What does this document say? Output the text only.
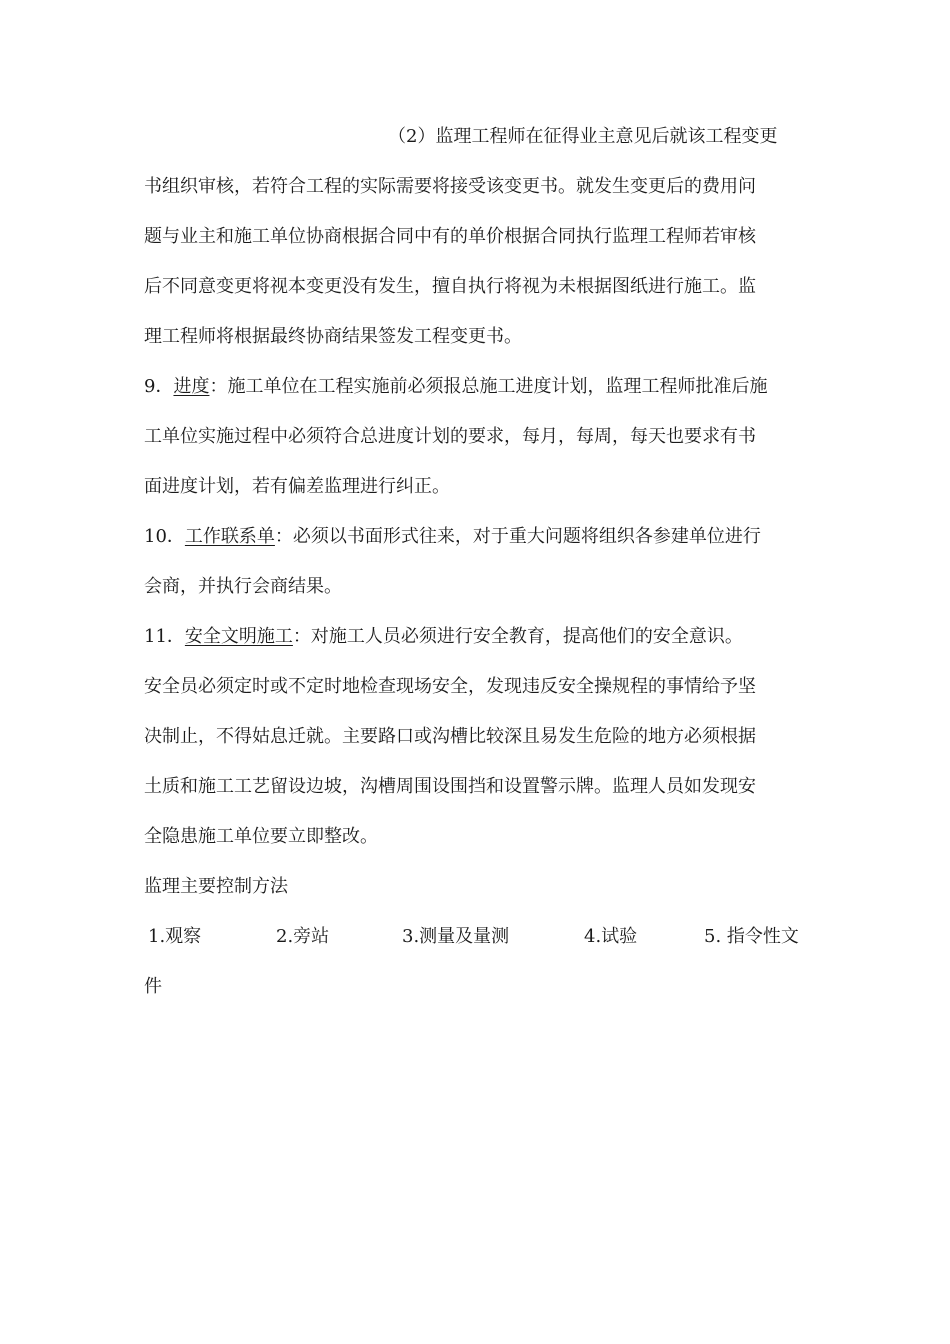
（2）监理工程师在征得业主意见后就该工程变更
书组织审核，若符合工程的实际需要将接受该变更书。就发生变更后的费用问
题与业主和施工单位协商根据合同中有的单价根据合同执行监理工程师若审核
后不同意变更将视本变更没有发生，擅自执行将视为未根据图纸进行施工。监
理工程师将根据最终协商结果签发工程变更书。
9．进度：施工单位在工程实施前必须报总施工进度计划，监理工程师批准后施
工单位实施过程中必须符合总进度计划的要求，每月，每周，每天也要求有书
面进度计划，若有偏差监理进行纠正。
10．工作联系单：必须以书面形式往来，对于重大问题将组织各参建单位进行
会商，并执行会商结果。
11．安全文明施工：对施工人员必须进行安全教育，提高他们的安全意识。
安全员必须定时或不定时地检查现场安全，发现违反安全操规程的事情给予坚
决制止，不得姑息迁就。主要路口或沟槽比较深且易发生危险的地方必须根据
土质和施工工艺留设边坡，沟槽周围设围挡和设置警示牌。监理人员如发现安
全隐患施工单位要立即整改。
监理主要控制方法
1.观察	2.旁站	3.测量及量测	4.试验	5. 指令性文
件
